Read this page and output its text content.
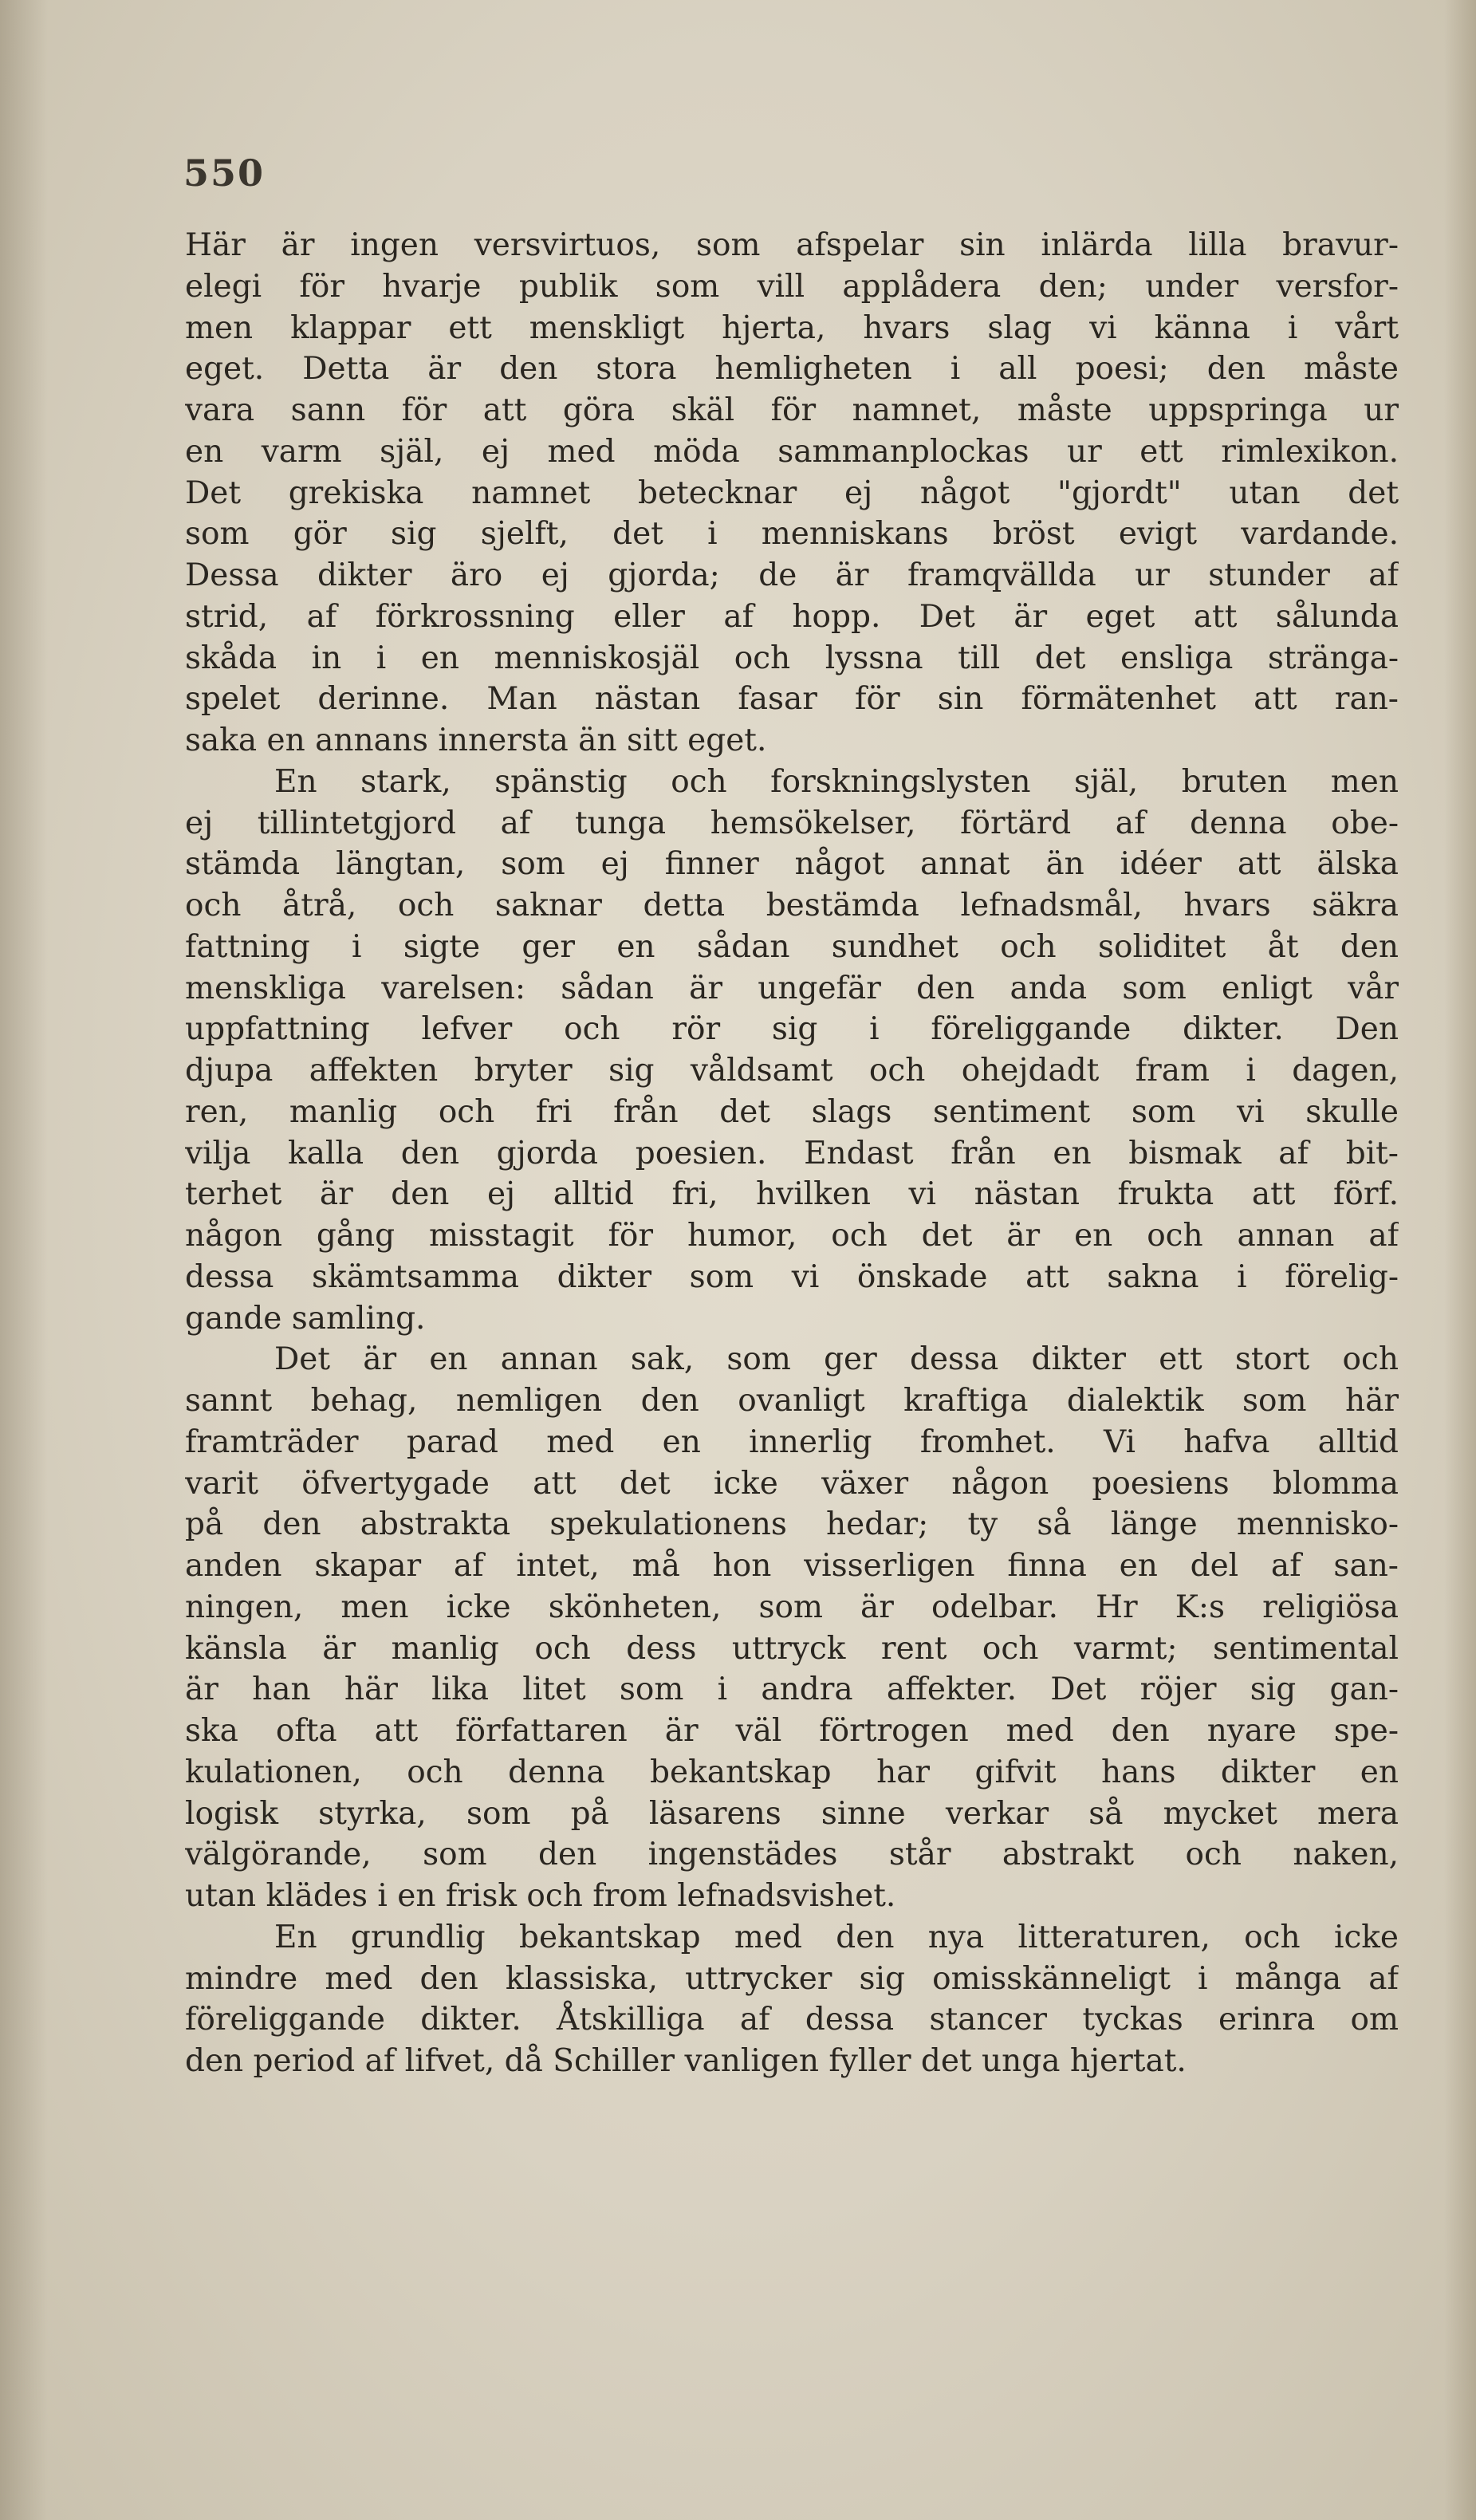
550
Här är ingen versvirtuos, som afspelar sin inlärda lilla bravur-
elegi för hvarje publik som vill applådera den; under versfor-
men klappar ett menskligt hjerta, hvars slag vi känna i vårt
eget. Detta är den stora hemligheten i all poesi; den måste
vara sann för att göra skäl för namnet, måste uppspringa ur
en varm själ, ej med möda sammanplockas ur ett rimlexikon.
Det grekiska namnet betecknar ej något "gjordt" utan det
som gör sig sjelft, det i menniskans bröst evigt vardande.
Dessa dikter äro ej gjorda; de är framqvällda ur stunder af
strid, af förkrossning eller af hopp. Det är eget att sålunda
skåda in i en menniskosjäl och lyssna till det ensliga stränga-
spelet derinne. Man nästan fasar för sin förmätenhet att ran-
saka en annans innersta än sitt eget.
En stark, spänstig och forskningslysten själ, bruten men
ej tillintetgjord af tunga hemsökelser, förtärd af denna obe-
stämda längtan, som ej finner något annat än idéer att älska
och åtrå, och saknar detta bestämda lefnadsmål, hvars säkra
fattning i sigte ger en sådan sundhet och soliditet åt den
menskliga varelsen: sådan är ungefär den anda som enligt vår
uppfattning lefver och rör sig i föreliggande dikter. Den
djupa affekten bryter sig våldsamt och ohejdadt fram i dagen,
ren, manlig och fri från det slags sentiment som vi skulle
vilja kalla den gjorda poesien. Endast från en bismak af bit-
terhet är den ej alltid fri, hvilken vi nästan frukta att förf.
någon gång misstagit för humor, och det är en och annan af
dessa skämtsamma dikter som vi önskade att sakna i förelig-
gande samling.
Det är en annan sak, som ger dessa dikter ett stort och
sannt behag, nemligen den ovanligt kraftiga dialektik som här
framträder parad med en innerlig fromhet. Vi hafva alltid
varit öfvertygade att det icke växer någon poesiens blomma
på den abstrakta spekulationens hedar; ty så länge mennisko-
anden skapar af intet, må hon visserligen finna en del af san-
ningen, men icke skönheten, som är odelbar. Hr K:s religiösa
känsla är manlig och dess uttryck rent och varmt; sentimental
är han här lika litet som i andra affekter. Det röjer sig gan-
ska ofta att författaren är väl förtrogen med den nyare spe-
kulationen, och denna bekantskap har gifvit hans dikter en
logisk styrka, som på läsarens sinne verkar så mycket mera
välgörande, som den ingenstädes står abstrakt och naken,
utan klädes i en frisk och from lefnadsvishet.
En grundlig bekantskap med den nya litteraturen, och icke
mindre med den klassiska, uttrycker sig omisskänneligt i många af
föreliggande dikter. Åtskilliga af dessa stancer tyckas erinra om
den period af lifvet, då Schiller vanligen fyller det unga hjertat.
